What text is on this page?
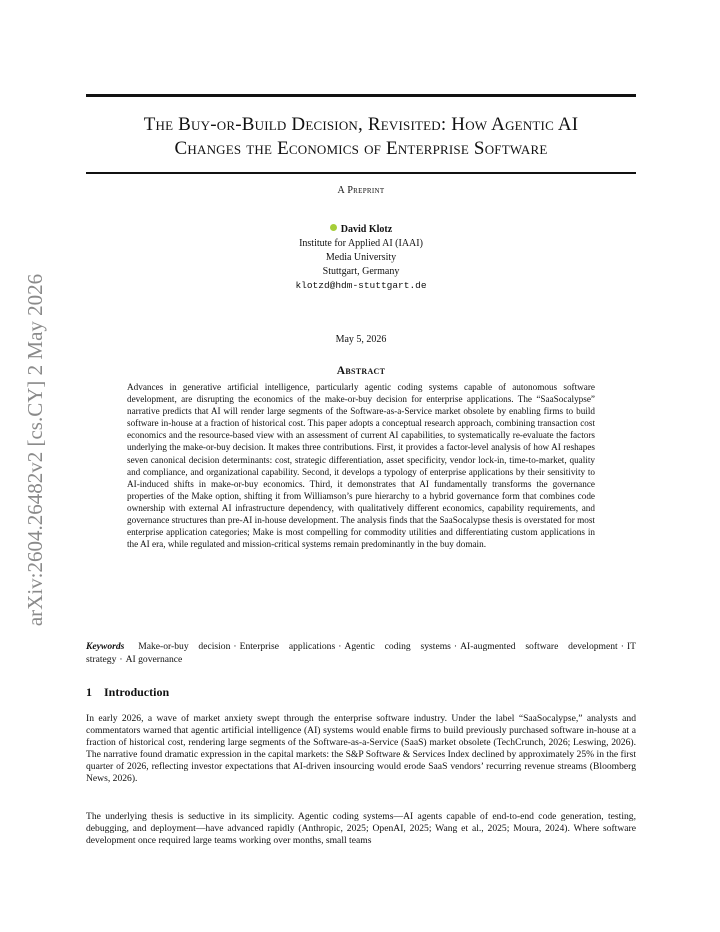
arXiv:2604.26482v2 [cs.CY] 2 May 2026
The Buy-or-Build Decision, Revisited: How Agentic AI
Changes the Economics of Enterprise Software
A Preprint
David Klotz
Institute for Applied AI (IAAI)
Media University
Stuttgart, Germany
klotzd@hdm-stuttgart.de
May 5, 2026
Abstract
Advances in generative artificial intelligence, particularly agentic coding systems capable of autonomous software development, are disrupting the economics of the make-or-buy decision for enterprise applications. The “SaaSocalypse” narrative predicts that AI will render large segments of the Software-as-a-Service market obsolete by enabling firms to build software in-house at a fraction of historical cost. This paper adopts a conceptual research approach, combining transaction cost economics and the resource-based view with an assessment of current AI capabilities, to systematically re-evaluate the factors underlying the make-or-buy decision. It makes three contributions. First, it provides a factor-level analysis of how AI reshapes seven canonical decision determinants: cost, strategic differentiation, asset specificity, vendor lock-in, time-to-market, quality and compliance, and organizational capability. Second, it develops a typology of enterprise applications by their sensitivity to AI-induced shifts in make-or-buy economics. Third, it demonstrates that AI fundamentally transforms the governance properties of the Make option, shifting it from Williamson’s pure hierarchy to a hybrid governance form that combines code ownership with external AI infrastructure dependency, with qualitatively different economics, capability requirements, and governance structures than pre-AI in-house development. The analysis finds that the SaaSocalypse thesis is overstated for most enterprise application categories; Make is most compelling for commodity utilities and differentiating custom applications in the AI era, while regulated and mission-critical systems remain predominantly in the buy domain.
Keywords Make-or-buy decision · Enterprise applications · Agentic coding systems · AI-augmented software development · IT strategy · AI governance
1 Introduction
In early 2026, a wave of market anxiety swept through the enterprise software industry. Under the label “SaaSocalypse,” analysts and commentators warned that agentic artificial intelligence (AI) systems would enable firms to build previously purchased software in-house at a fraction of historical cost, rendering large segments of the Software-as-a-Service (SaaS) market obsolete (TechCrunch, 2026; Leswing, 2026). The narrative found dramatic expression in the capital markets: the S&P Software & Services Index declined by approximately 25% in the first quarter of 2026, reflecting investor expectations that AI-driven insourcing would erode SaaS vendors’ recurring revenue streams (Bloomberg News, 2026).
The underlying thesis is seductive in its simplicity. Agentic coding systems—AI agents capable of end-to-end code generation, testing, debugging, and deployment—have advanced rapidly (Anthropic, 2025; OpenAI, 2025; Wang et al., 2025; Moura, 2024). Where software development once required large teams working over months, small teams
